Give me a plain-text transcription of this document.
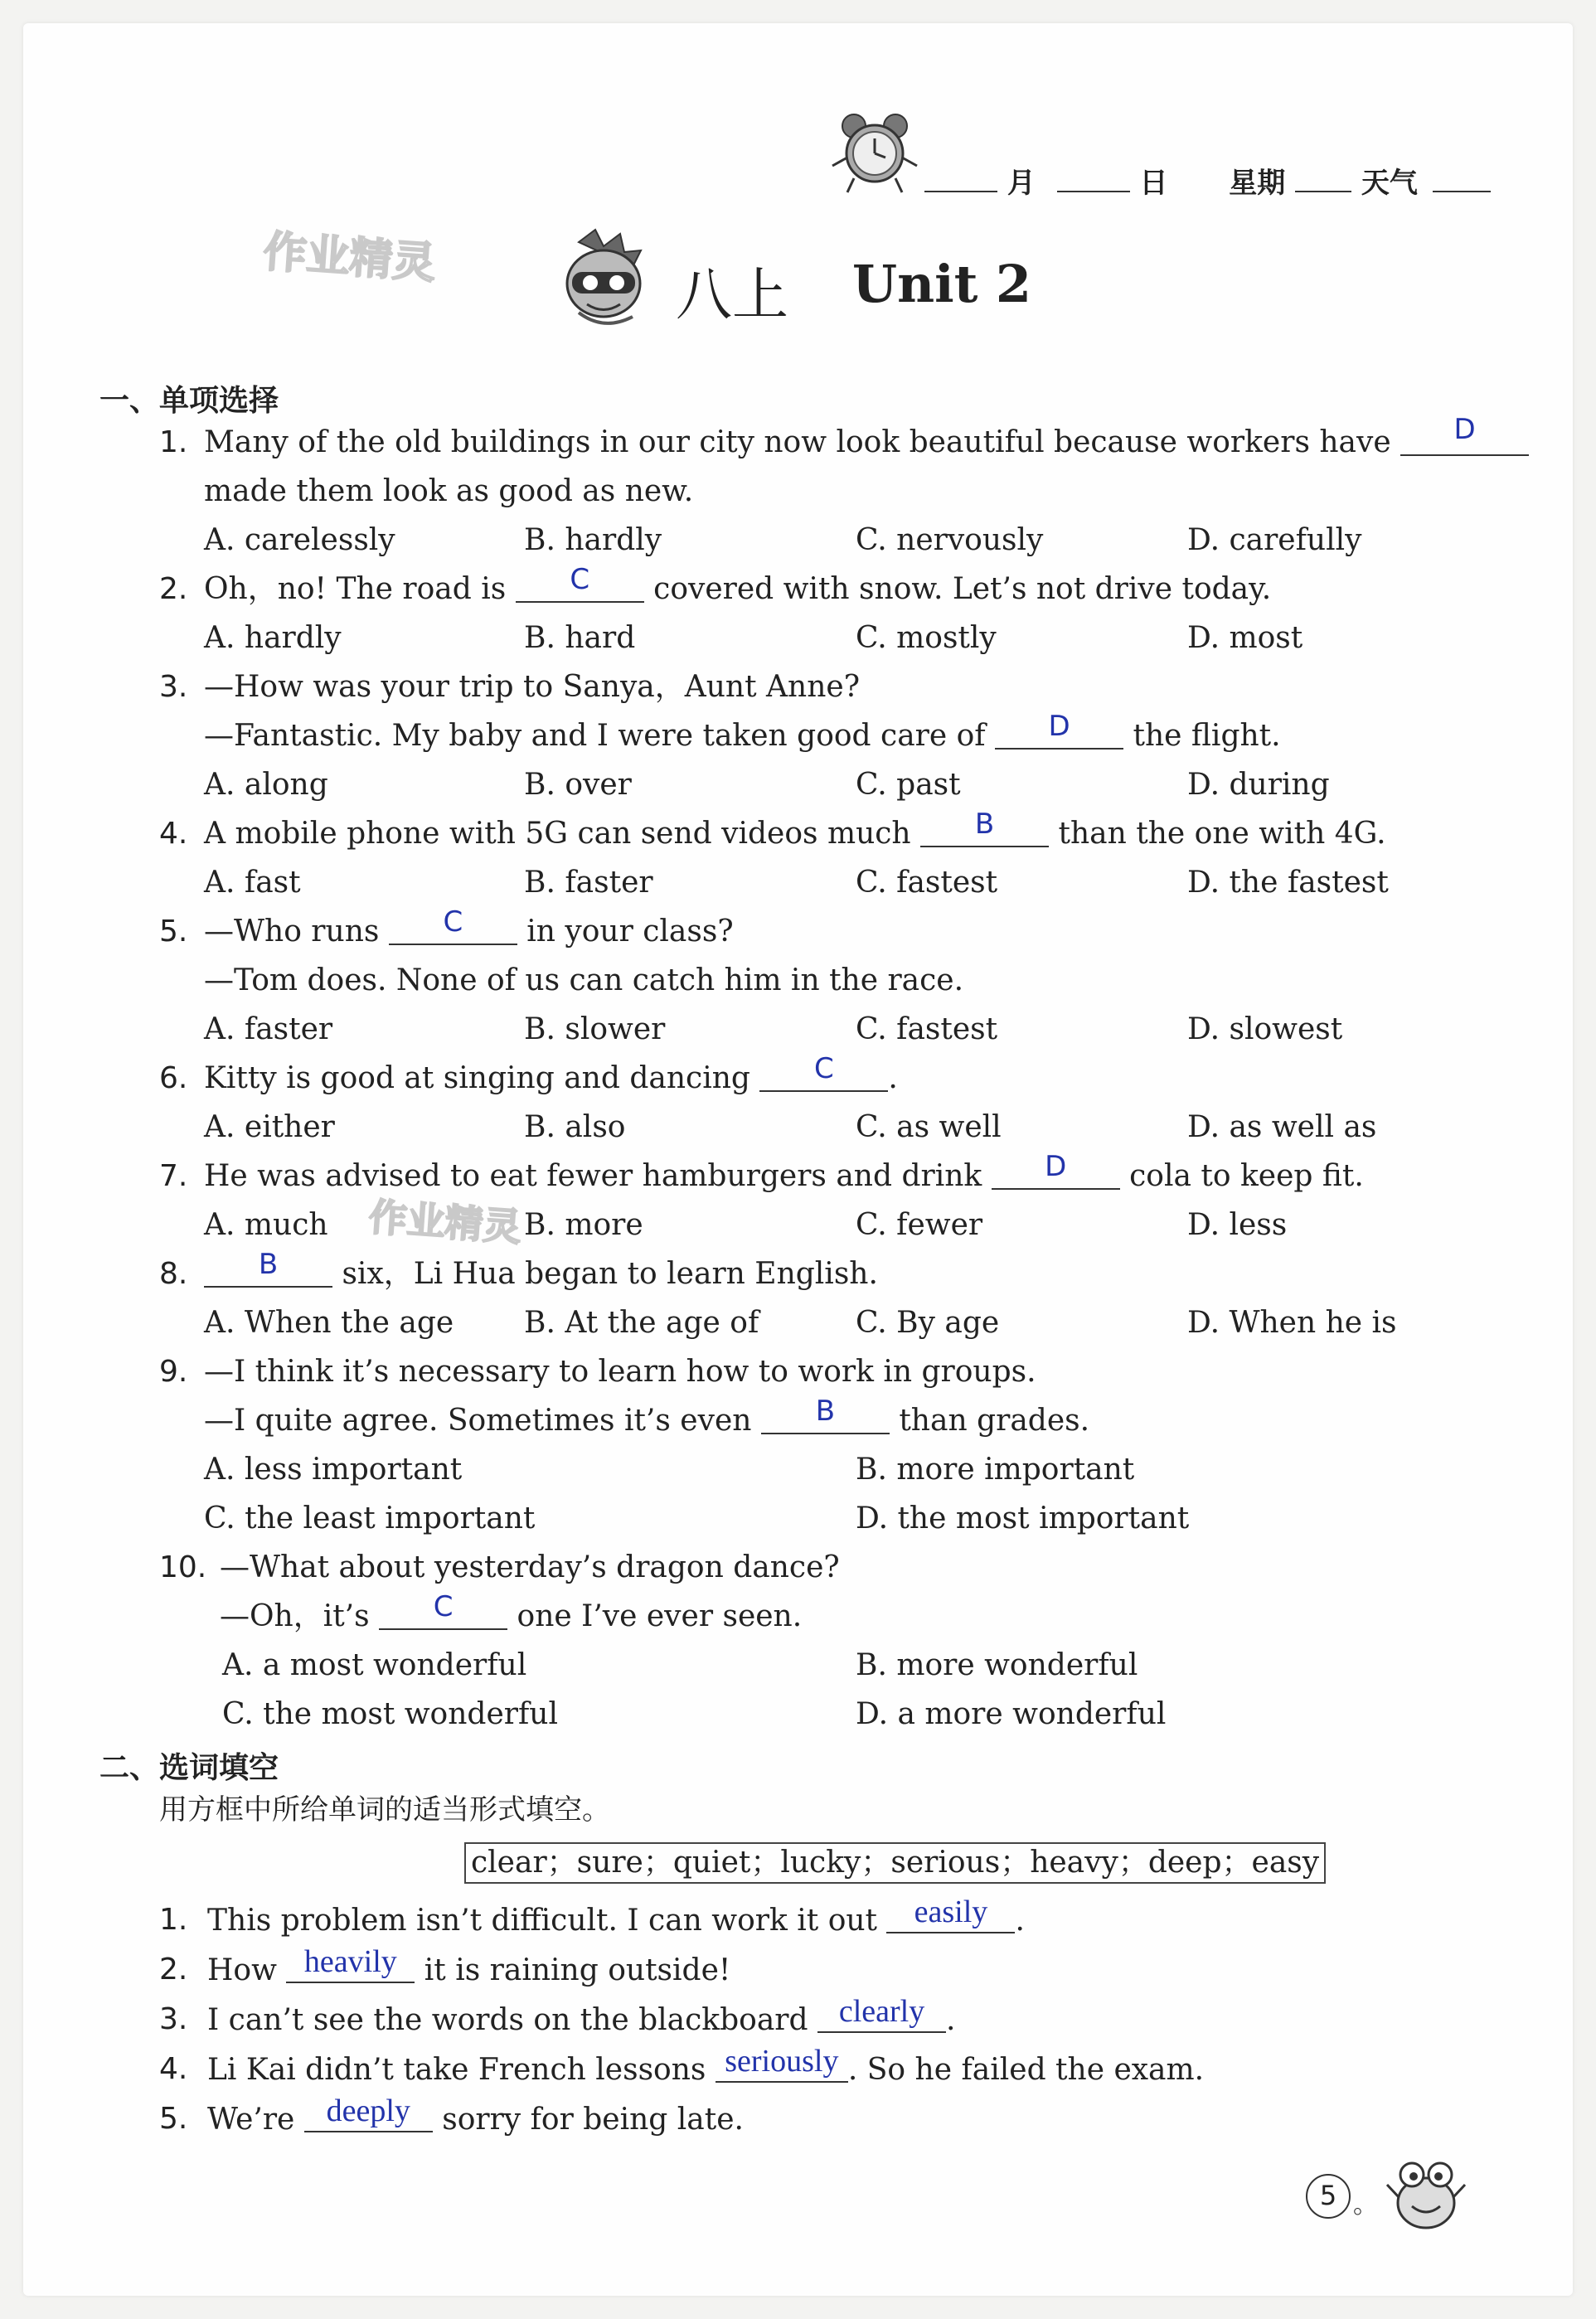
月	日 星期	天气
作业精灵
八上 Unit 2
一、单项选择
1. Many of the old buildings in our city now look beautiful because workers have D
made them look as good as new.
A. carelessly	B. hardly	C. nervously	D. carefully
2. Oh，no! The road is C covered with snow. Let’s not drive today.
A. hardly	B. hard	C. mostly	D. most
3. —How was your trip to Sanya，Aunt Anne?
—Fantastic. My baby and I were taken good care of D the flight.
A. along	B. over	C. past	D. during
4. A mobile phone with 5G can send videos much B than the one with 4G.
A. fast	B. faster	C. fastest	D. the fastest
5. —Who runs C in your class?
—Tom does. None of us can catch him in the race.
A. faster	B. slower	C. fastest	D. slowest
6. Kitty is good at singing and dancing C .
A. either	B. also	C. as well	D. as well as
7. He was advised to eat fewer hamburgers and drink D cola to keep fit.
A. much 作业精灵 B. more	C. fewer	D. less
8.	B six，Li Hua began to learn English.
A. When the age B. At the age of	C. By age	D. When he is
9. —I think it’s necessary to learn how to work in groups.
—I quite agree. Sometimes it’s even B than grades.
A. less important	B. more important
C. the least important	D. the most important
10. —What about yesterday’s dragon dance?
—Oh，it’s C one I’ve ever seen.
A. a most wonderful	B. more wonderful
C. the most wonderful	D. a more wonderful
二、选词填空
用方框中所给单词的适当形式填空。
clear；sure；quiet；lucky；serious；heavy；deep；easy
1. This problem isn’t difficult. I can work it out easily .
2. How heavily it is raining outside!
3. I can’t see the words on the blackboard clearly .
4. Li Kai didn’t take French lessons seriously . So he failed the exam.
5. We’re deeply sorry for being late.
5 。
